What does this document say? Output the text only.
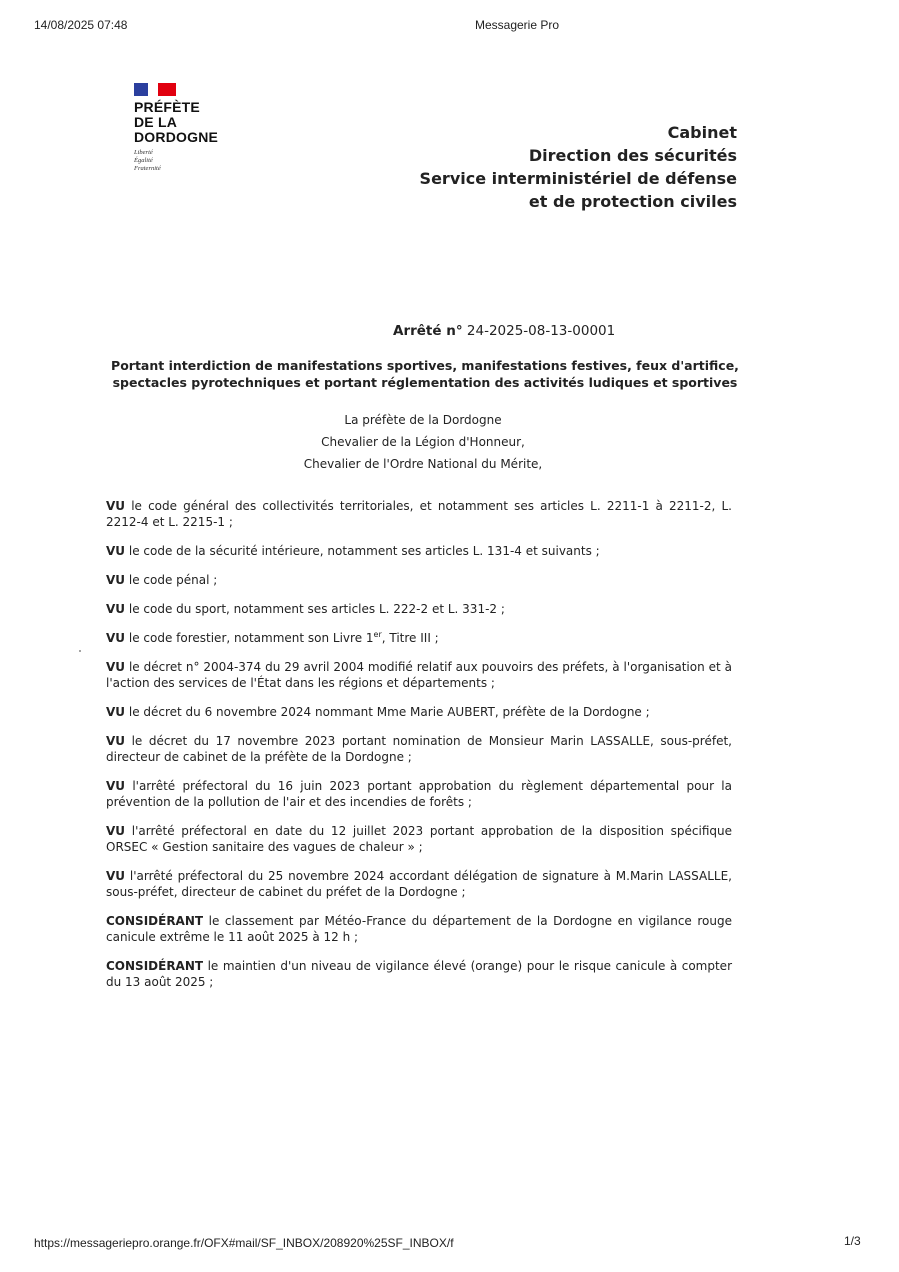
14/08/2025 07:48	Messagerie Pro
PRÉFÈTE
DE LA
DORDOGNE
Liberté
Égalité
Fraternité
Cabinet
Direction des sécurités
Service interministériel de défense
et de protection civiles
Arrêté n° 24-2025-08-13-00001
Portant interdiction de manifestations sportives, manifestations festives, feux d'artifice,
spectacles pyrotechniques et portant réglementation des activités ludiques et sportives
La préfète de la Dordogne
Chevalier de la Légion d'Honneur,
Chevalier de l'Ordre National du Mérite,

VU le code général des collectivités territoriales, et notamment ses articles L. 2211-1 à 2211-2, L. 2212-4 et L. 2215-1 ;

VU le code de la sécurité intérieure, notamment ses articles L. 131-4 et suivants ;

VU le code pénal ;

VU le code du sport, notamment ses articles L. 222-2 et L. 331-2 ;

VU le code forestier, notamment son Livre 1er, Titre III ;

VU le décret n° 2004-374 du 29 avril 2004 modifié relatif aux pouvoirs des préfets, à l'organisation et à l'action des services de l'État dans les régions et départements ;

VU le décret du 6 novembre 2024 nommant Mme Marie AUBERT, préfète de la Dordogne ;

VU le décret du 17 novembre 2023 portant nomination de Monsieur Marin LASSALLE, sous-préfet, directeur de cabinet de la préfète de la Dordogne ;

VU l'arrêté préfectoral du 16 juin 2023 portant approbation du règlement départemental pour la prévention de la pollution de l'air et des incendies de forêts ;

VU l'arrêté préfectoral en date du 12 juillet 2023 portant approbation de la disposition spécifique ORSEC « Gestion sanitaire des vagues de chaleur » ;

VU l'arrêté préfectoral du 25 novembre 2024 accordant délégation de signature à M.Marin LASSALLE, sous-préfet, directeur de cabinet du préfet de la Dordogne ;

CONSIDÉRANT le classement par Météo-France du département de la Dordogne en vigilance rouge canicule extrême le 11 août 2025 à 12 h ;

CONSIDÉRANT le maintien d'un niveau de vigilance élevé (orange) pour le risque canicule à compter du 13 août 2025 ;

https://messageriepro.orange.fr/OFX#mail/SF_INBOX/208920%25SF_INBOX/f	1/3
